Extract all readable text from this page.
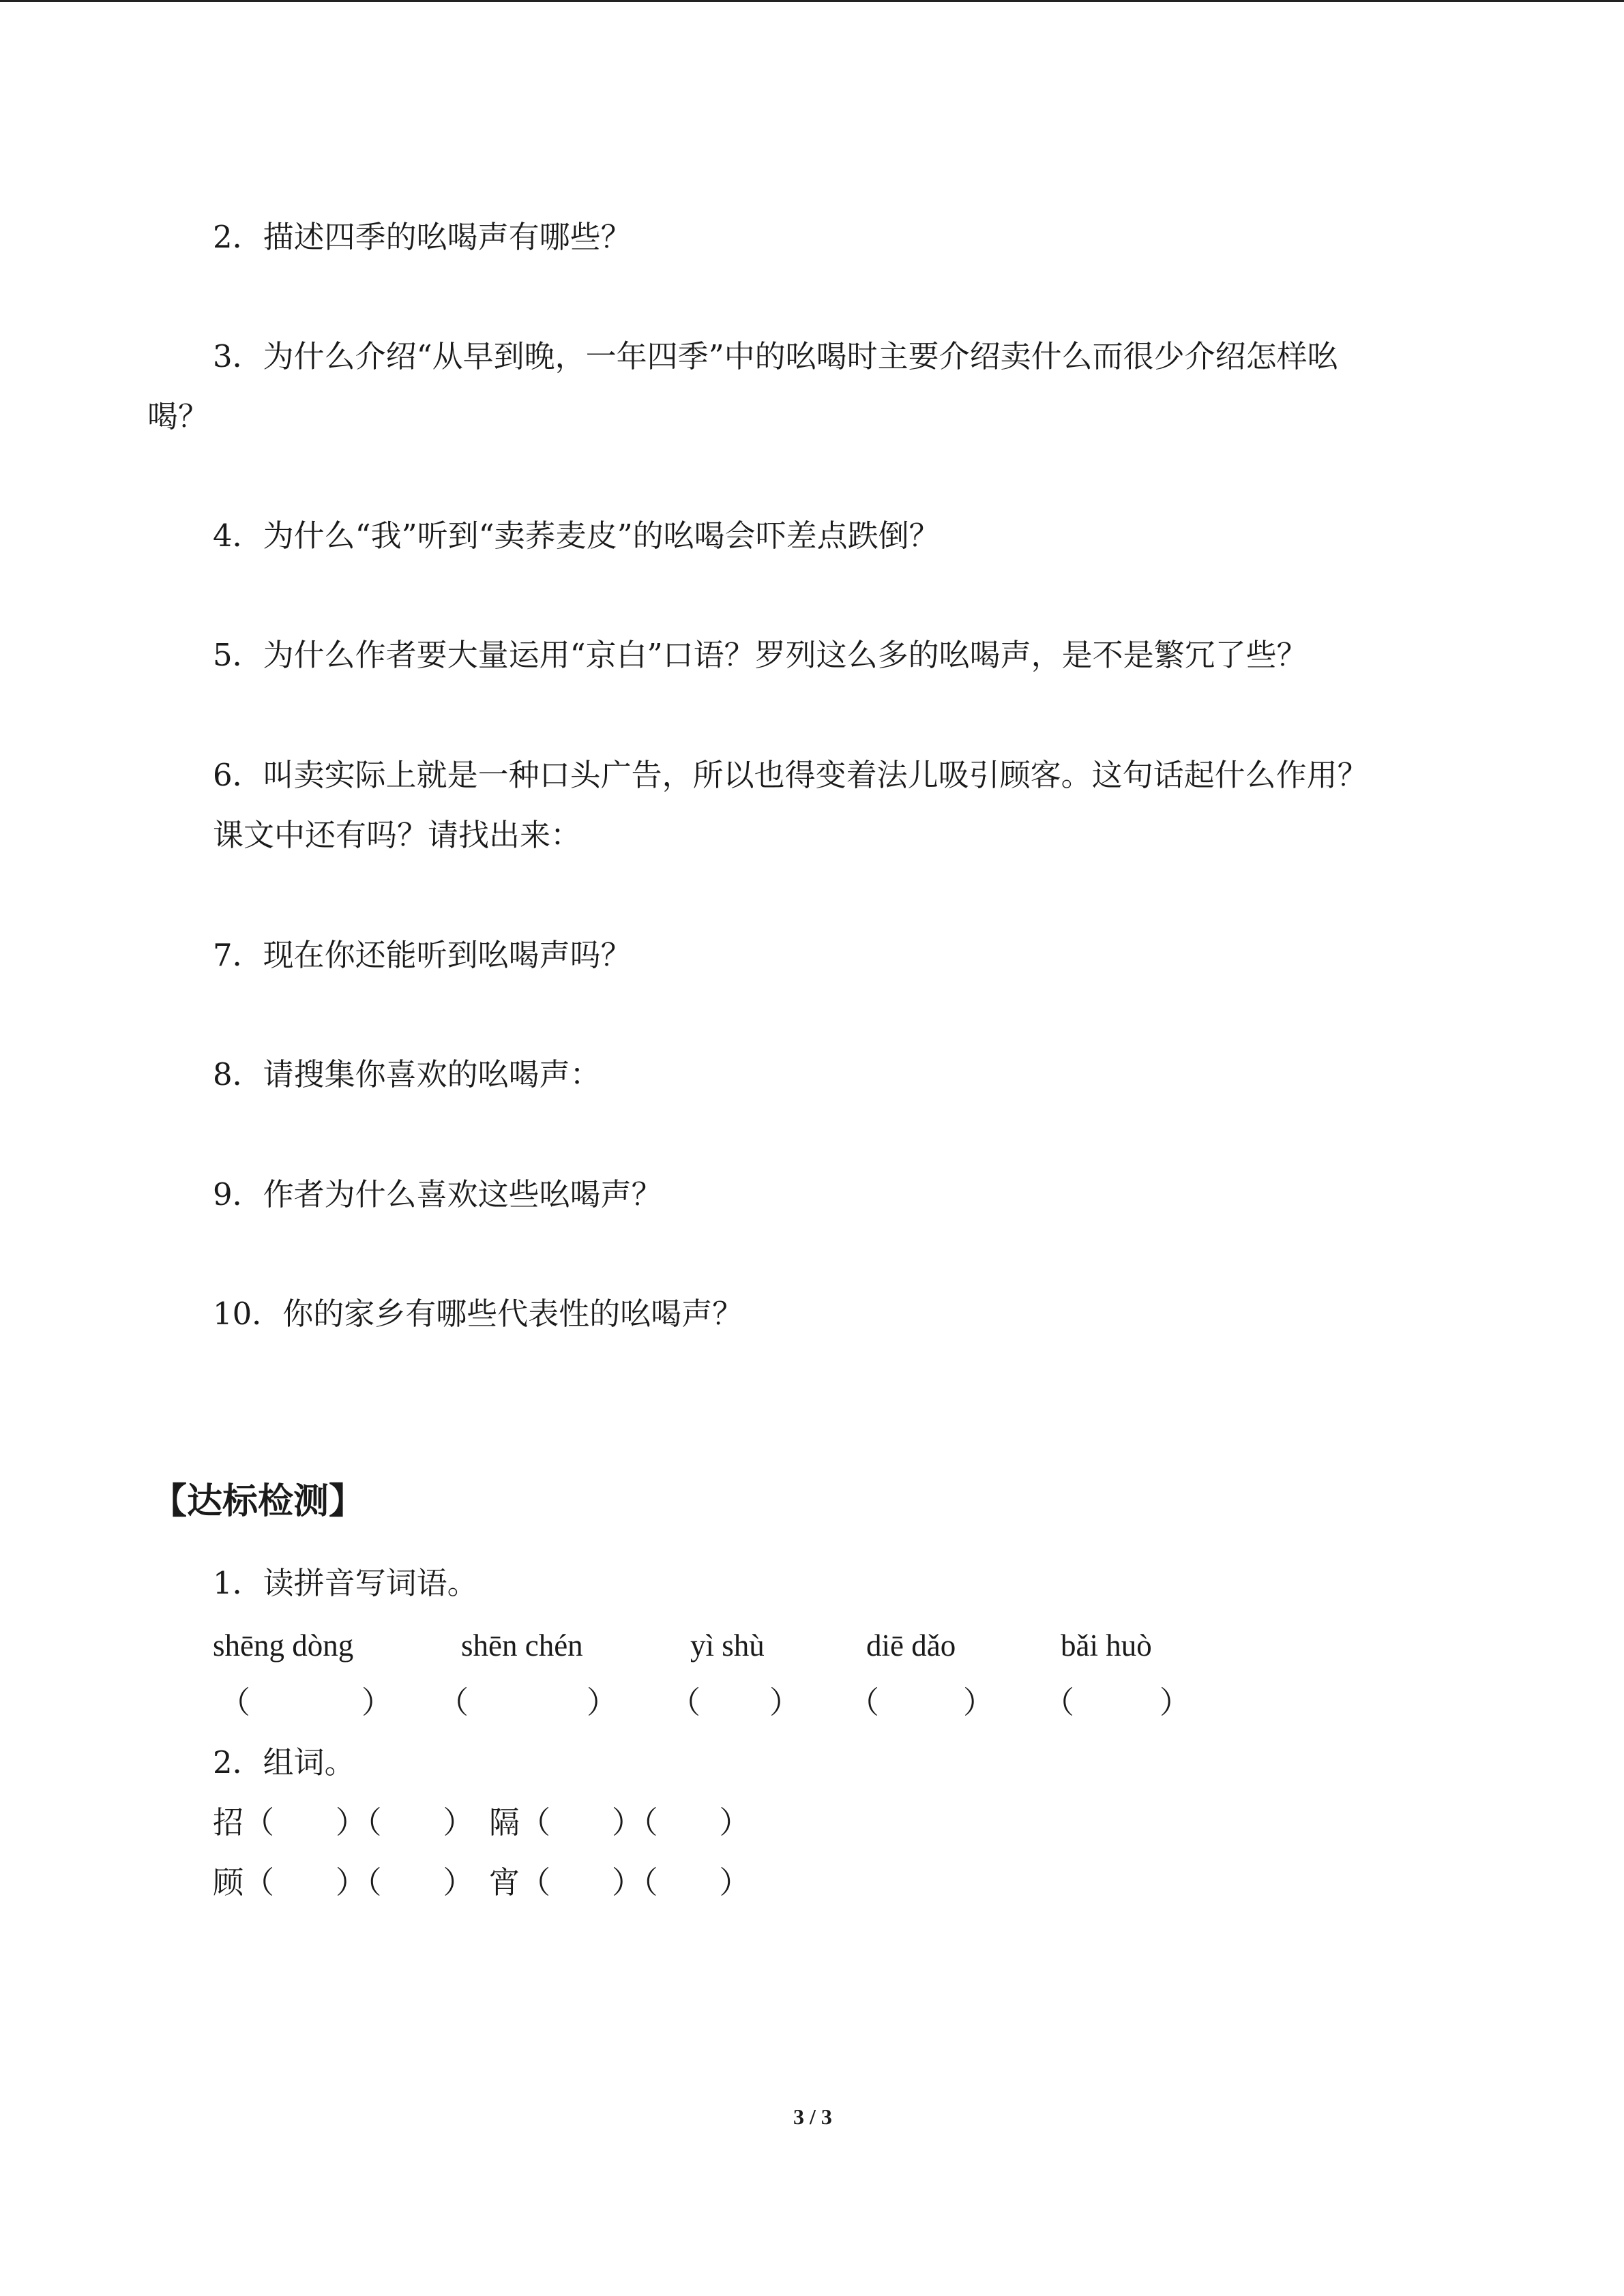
2．描述四季的吆喝声有哪些？
3．为什么介绍“从早到晚，一年四季”中的吆喝时主要介绍卖什么而很少介绍怎样吆
喝？
4．为什么“我”听到“卖荞麦皮”的吆喝会吓差点跌倒？
5．为什么作者要大量运用“京白”口语？罗列这么多的吆喝声，是不是繁冗了些？
6．叫卖实际上就是一种口头广告，所以也得变着法儿吸引顾客。这句话起什么作用？
课文中还有吗？请找出来：
7．现在你还能听到吆喝声吗？
8．请搜集你喜欢的吆喝声：
9．作者为什么喜欢这些吆喝声？
10．你的家乡有哪些代表性的吆喝声？
【达标检测】
1．读拼音写词语。
shēng dòng	shēn chén	yì shù	diē dǎo	bǎi huò
（	） （	） （ ） （	） （	）
2．组词。
招（　　）（　　）　隔（　　）（　　）
顾（　　）（　　）　宵（　　）（　　）
3 / 3
